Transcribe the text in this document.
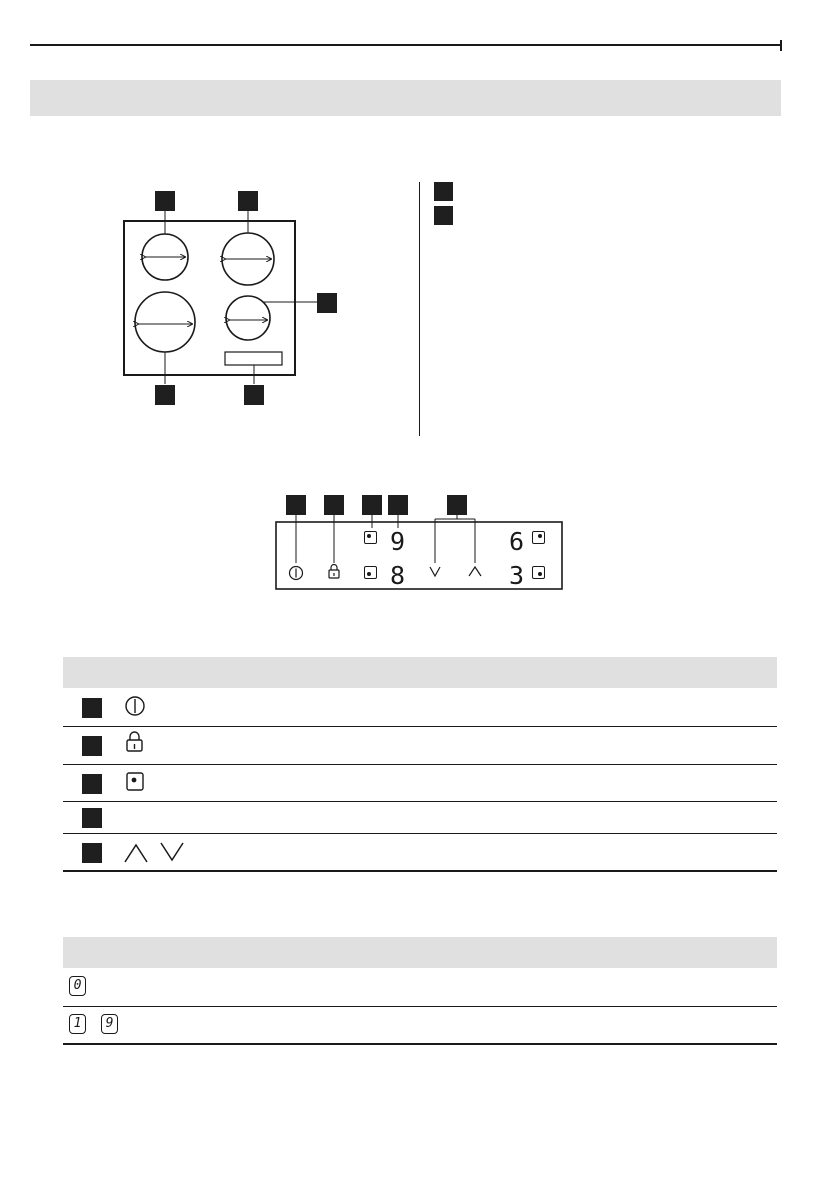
9
8
6
3
0
1	9
